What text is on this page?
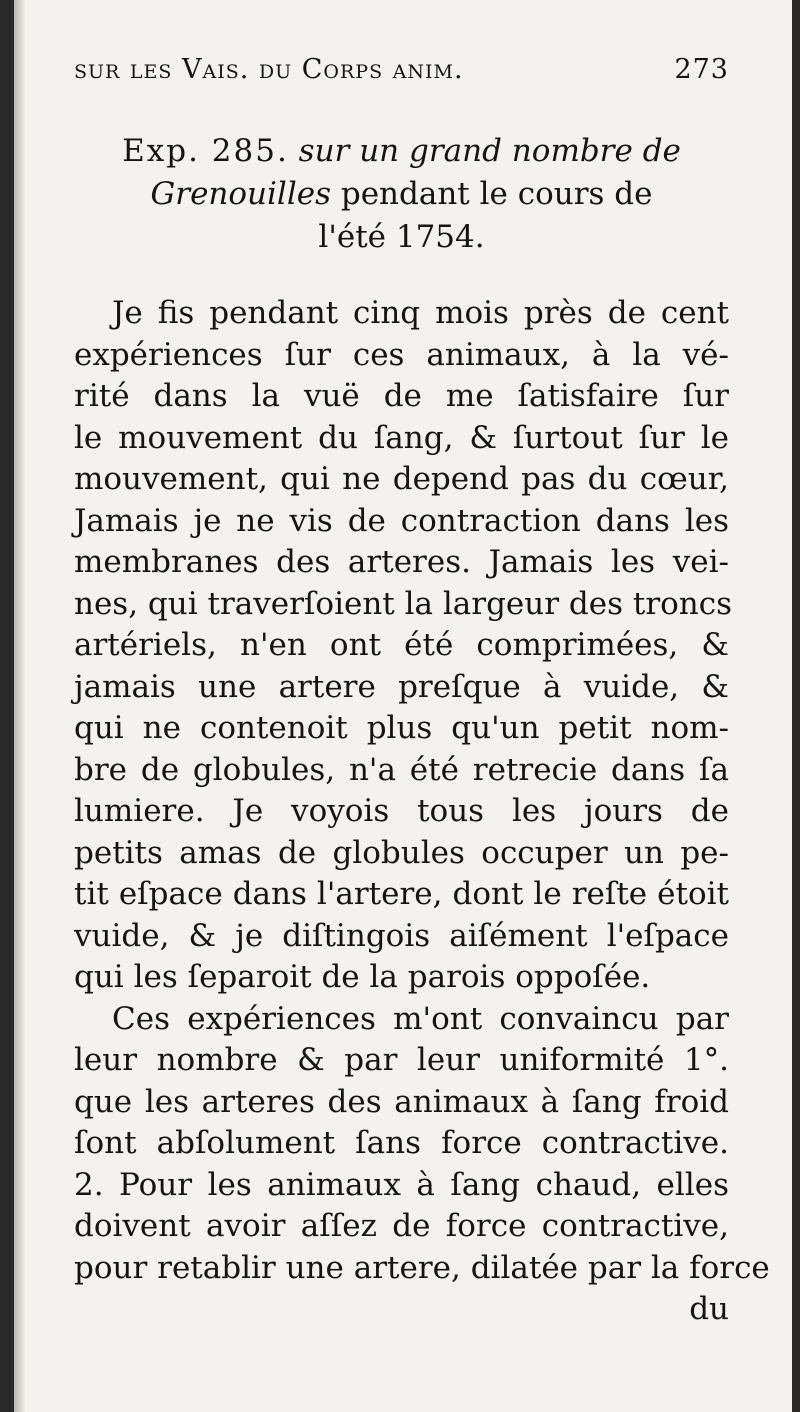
sur les Vais. du Corps anim.	273
Exp. 285. sur un grand nombre de
Grenouilles pendant le cours de
l'été 1754.
Je fis pendant cinq mois près de cent
expériences ſur ces animaux, à la vé-
rité dans la vuë de me ſatisfaire ſur
le mouvement du ſang, & ſurtout ſur le
mouvement, qui ne depend pas du cœur,
Jamais je ne vis de contraction dans les
membranes des arteres. Jamais les vei-
nes, qui traverſoient la largeur des troncs
artériels, n'en ont été comprimées, &
jamais une artere preſque à vuide, &
qui ne contenoit plus qu'un petit nom-
bre de globules, n'a été retrecie dans ſa
lumiere. Je voyois tous les jours de
petits amas de globules occuper un pe-
tit eſpace dans l'artere, dont le reſte étoit
vuide, & je diſtingois aiſément l'eſpace
qui les ſeparoit de la parois oppoſée.
Ces expériences m'ont convaincu par
leur nombre & par leur uniformité 1°.
que les arteres des animaux à ſang froid
ſont abſolument ſans force contractive.
2. Pour les animaux à ſang chaud, elles
doivent avoir aſſez de force contractive,
pour retablir une artere, dilatée par la force
du
